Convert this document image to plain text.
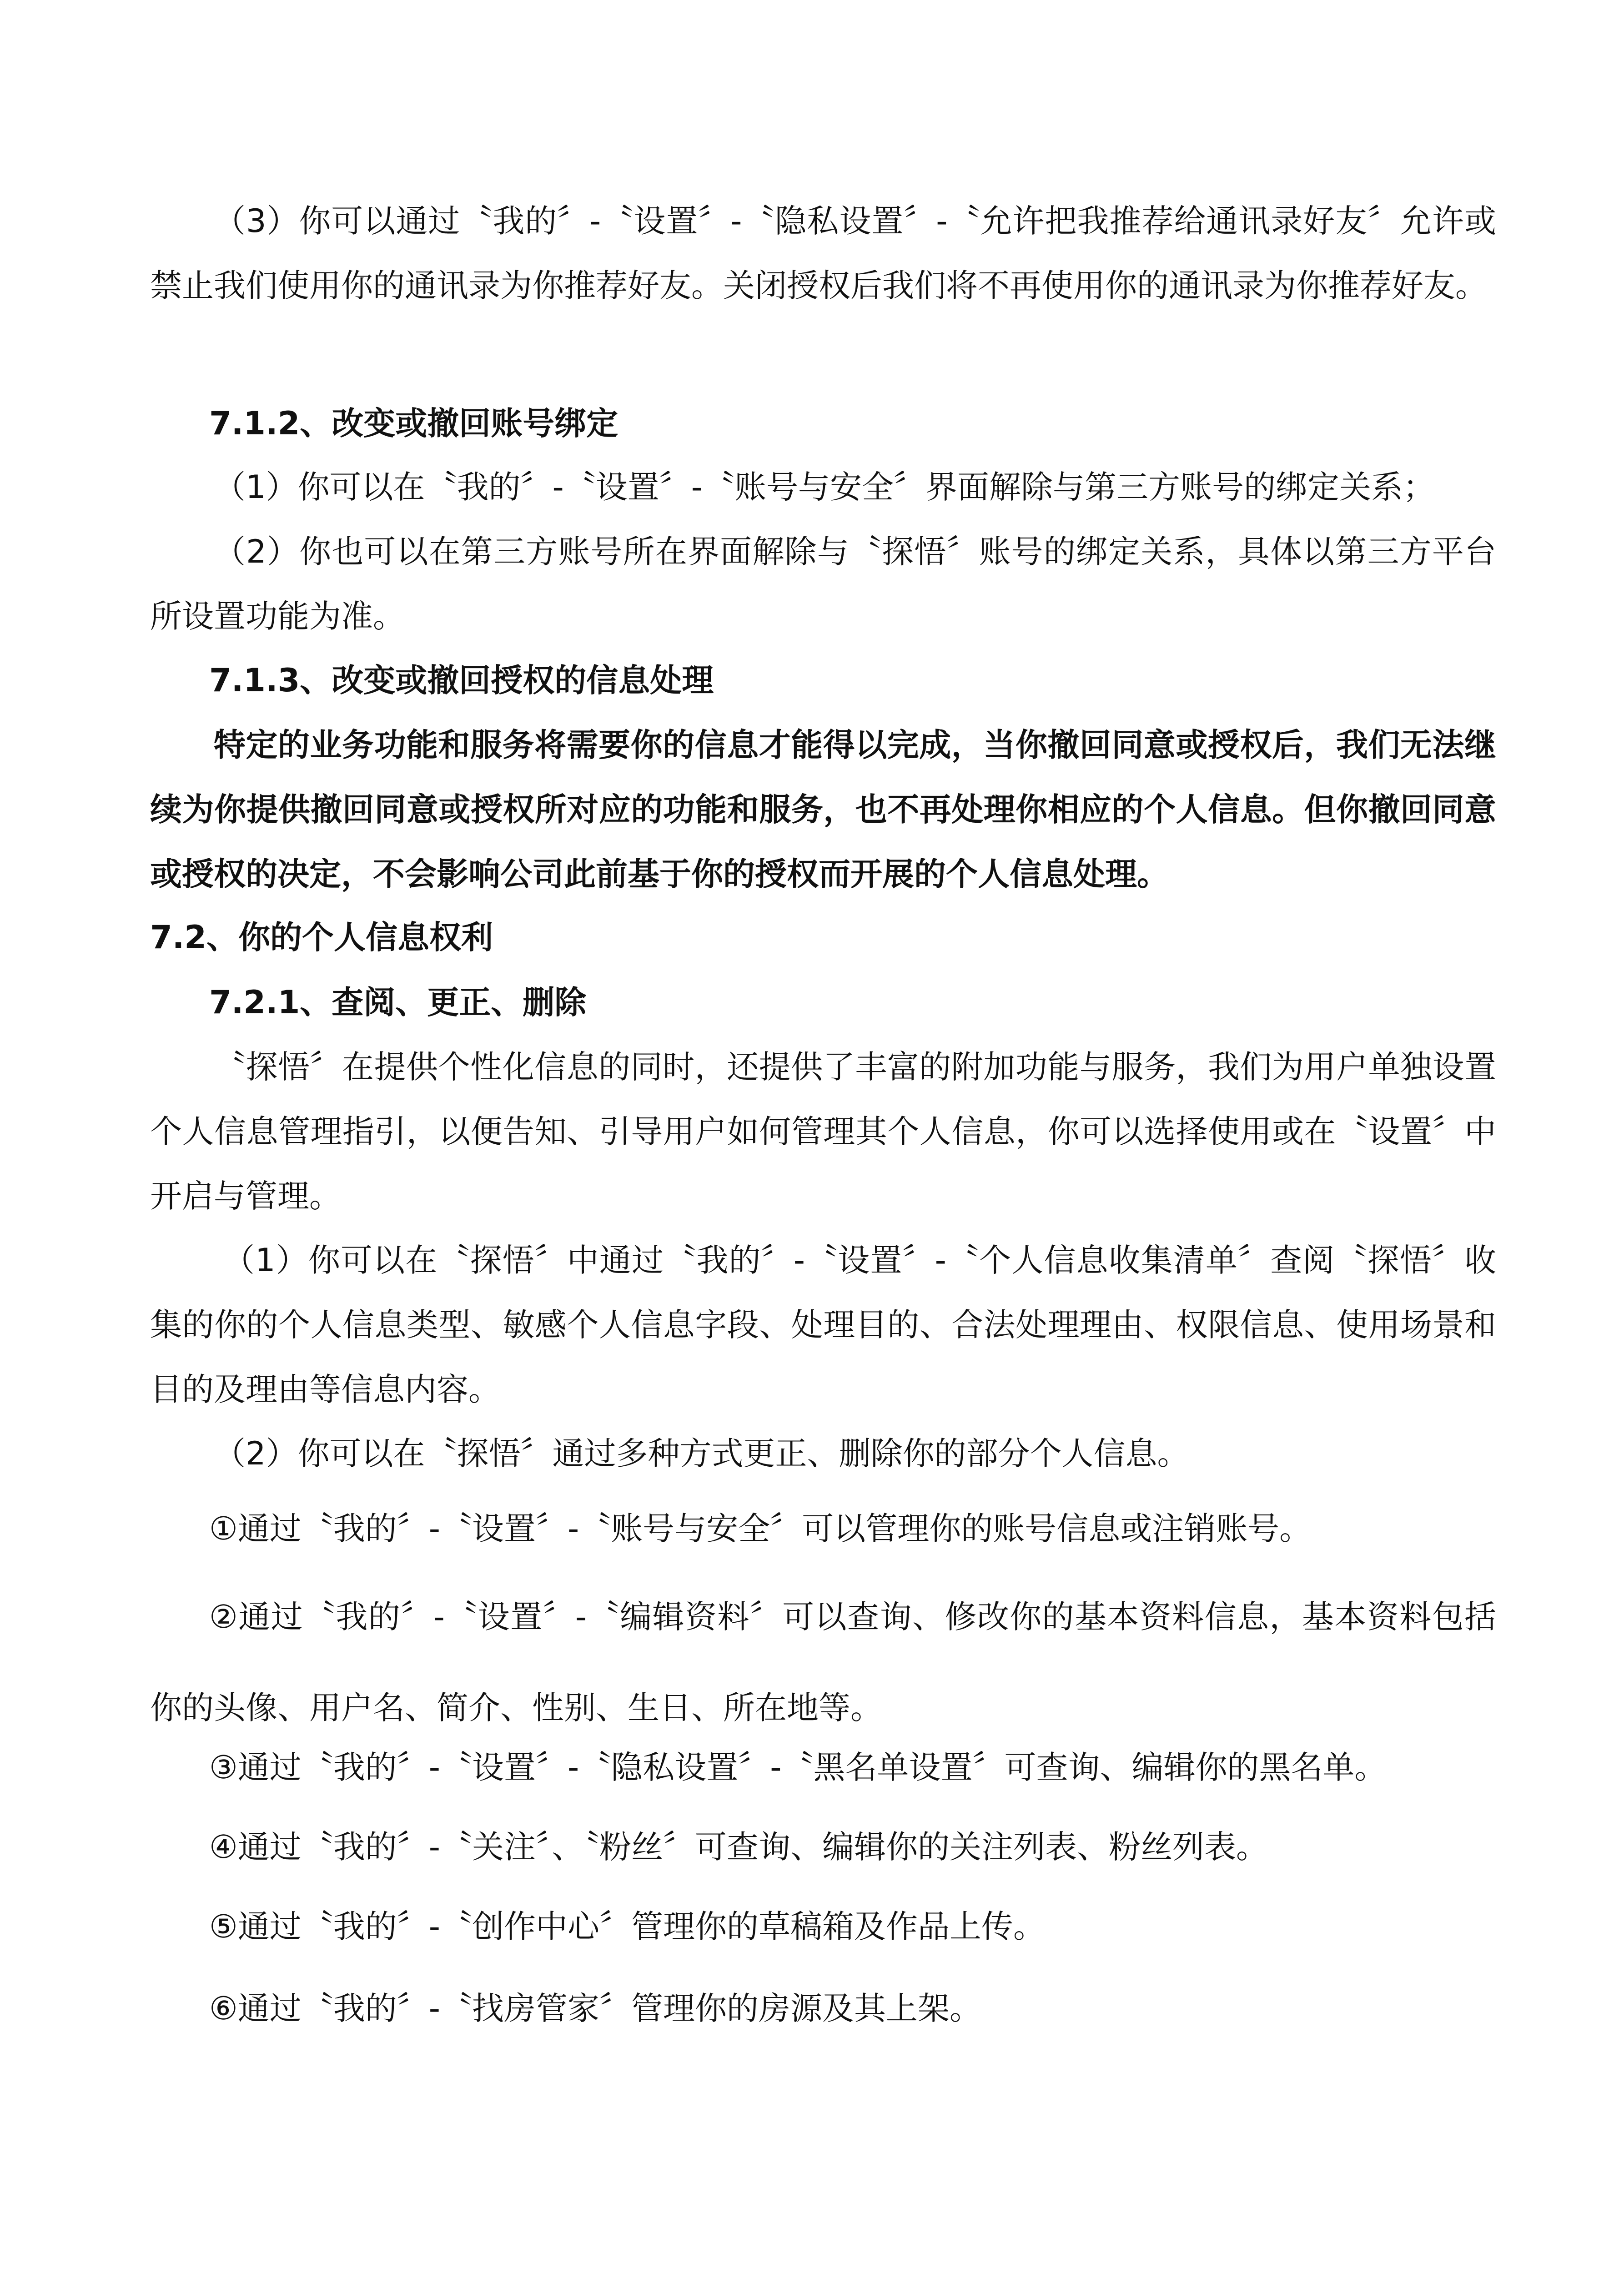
（3）你可以通过〝我的〞-〝设置〞-〝隐私设置〞-〝允许把我推荐给通讯录好友〞允许或禁止我们使用你的通讯录为你推荐好友。关闭授权后我们将不再使用你的通讯录为你推荐好友。

7.1.2、改变或撤回账号绑定

（1）你可以在〝我的〞-〝设置〞-〝账号与安全〞界面解除与第三方账号的绑定关系；

（2）你也可以在第三方账号所在界面解除与〝探悟〞账号的绑定关系，具体以第三方平台所设置功能为准。

7.1.3、改变或撤回授权的信息处理

特定的业务功能和服务将需要你的信息才能得以完成，当你撤回同意或授权后，我们无法继续为你提供撤回同意或授权所对应的功能和服务，也不再处理你相应的个人信息。但你撤回同意或授权的决定，不会影响公司此前基于你的授权而开展的个人信息处理。

7.2、你的个人信息权利

7.2.1、查阅、更正、删除

〝探悟〞在提供个性化信息的同时，还提供了丰富的附加功能与服务，我们为用户单独设置个人信息管理指引，以便告知、引导用户如何管理其个人信息，你可以选择使用或在〝设置〞中开启与管理。

（1）你可以在〝探悟〞中通过〝我的〞-〝设置〞-〝个人信息收集清单〞查阅〝探悟〞收集的你的个人信息类型、敏感个人信息字段、处理目的、合法处理理由、权限信息、使用场景和目的及理由等信息内容。

（2）你可以在〝探悟〞通过多种方式更正、删除你的部分个人信息。

①通过〝我的〞-〝设置〞-〝账号与安全〞可以管理你的账号信息或注销账号。

②通过〝我的〞-〝设置〞-〝编辑资料〞可以查询、修改你的基本资料信息，基本资料包括你的头像、用户名、简介、性别、生日、所在地等。

③通过〝我的〞-〝设置〞-〝隐私设置〞-〝黑名单设置〞可查询、编辑你的黑名单。

④通过〝我的〞-〝关注〞、〝粉丝〞可查询、编辑你的关注列表、粉丝列表。

⑤通过〝我的〞-〝创作中心〞管理你的草稿箱及作品上传。

⑥通过〝我的〞-〝找房管家〞管理你的房源及其上架。
